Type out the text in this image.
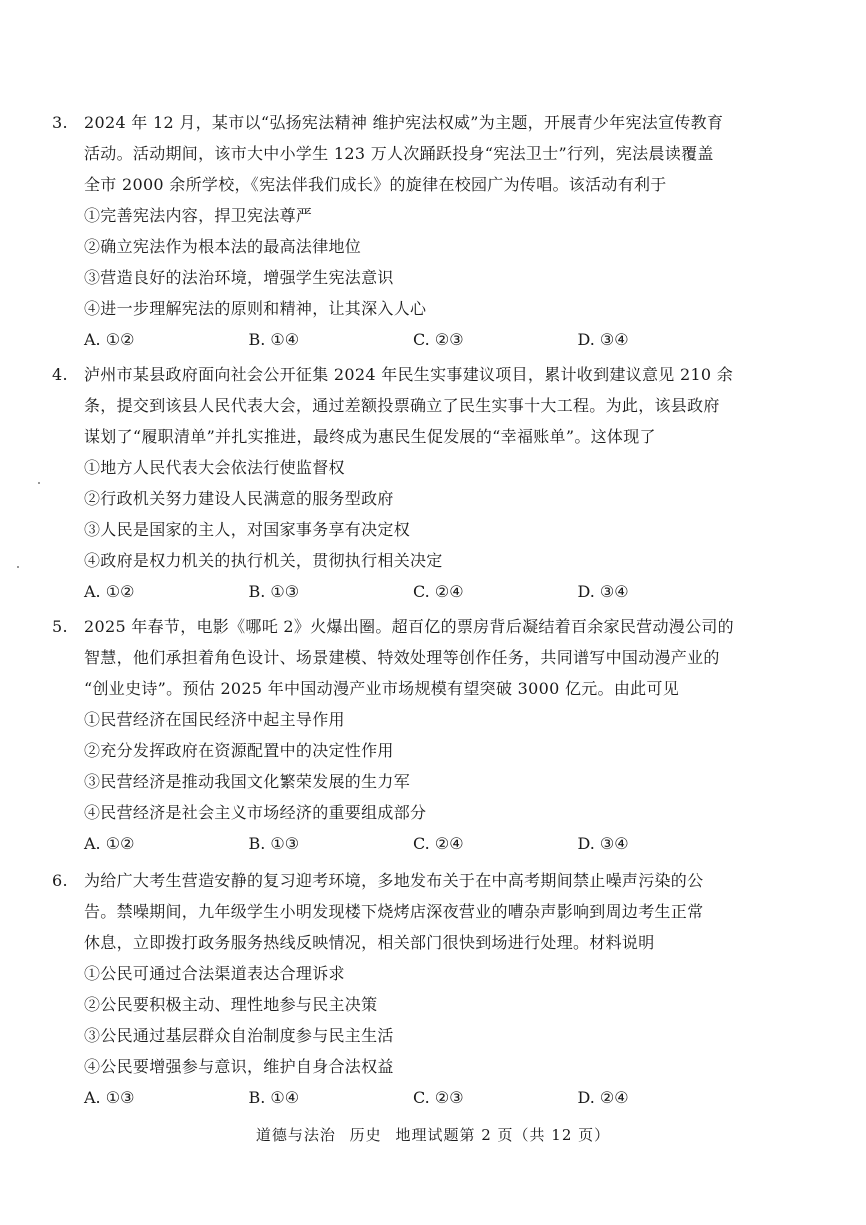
3.	2024 年 12 月，某市以“弘扬宪法精神 维护宪法权威”为主题，开展青少年宪法宣传教育
活动。活动期间，该市大中小学生 123 万人次踊跃投身“宪法卫士”行列，宪法晨读覆盖
全市 2000 余所学校，《宪法伴我们成长》的旋律在校园广为传唱。该活动有利于
①完善宪法内容，捍卫宪法尊严
②确立宪法作为根本法的最高法律地位
③营造良好的法治环境，增强学生宪法意识
④进一步理解宪法的原则和精神，让其深入人心
A. ①②	B. ①④	C. ②③	D. ③④
4.	泸州市某县政府面向社会公开征集 2024 年民生实事建议项目，累计收到建议意见 210 余
条，提交到该县人民代表大会，通过差额投票确立了民生实事十大工程。为此，该县政府
谋划了“履职清单”并扎实推进，最终成为惠民生促发展的“幸福账单”。这体现了
①地方人民代表大会依法行使监督权
②行政机关努力建设人民满意的服务型政府
③人民是国家的主人，对国家事务享有决定权
④政府是权力机关的执行机关，贯彻执行相关决定
A. ①②	B. ①③	C. ②④	D. ③④
5.	2025 年春节，电影《哪吒 2》火爆出圈。超百亿的票房背后凝结着百余家民营动漫公司的
智慧，他们承担着角色设计、场景建模、特效处理等创作任务，共同谱写中国动漫产业的
“创业史诗”。预估 2025 年中国动漫产业市场规模有望突破 3000 亿元。由此可见
①民营经济在国民经济中起主导作用
②充分发挥政府在资源配置中的决定性作用
③民营经济是推动我国文化繁荣发展的生力军
④民营经济是社会主义市场经济的重要组成部分
A. ①②	B. ①③	C. ②④	D. ③④
6.	为给广大考生营造安静的复习迎考环境，多地发布关于在中高考期间禁止噪声污染的公
告。禁噪期间，九年级学生小明发现楼下烧烤店深夜营业的嘈杂声影响到周边考生正常
休息，立即拨打政务服务热线反映情况，相关部门很快到场进行处理。材料说明
①公民可通过合法渠道表达合理诉求
②公民要积极主动、理性地参与民主决策
③公民通过基层群众自治制度参与民主生活
④公民要增强参与意识，维护自身合法权益
A. ①③	B. ①④	C. ②③	D. ②④
道德与法治 历史 地理试题第 2 页（共 12 页）
